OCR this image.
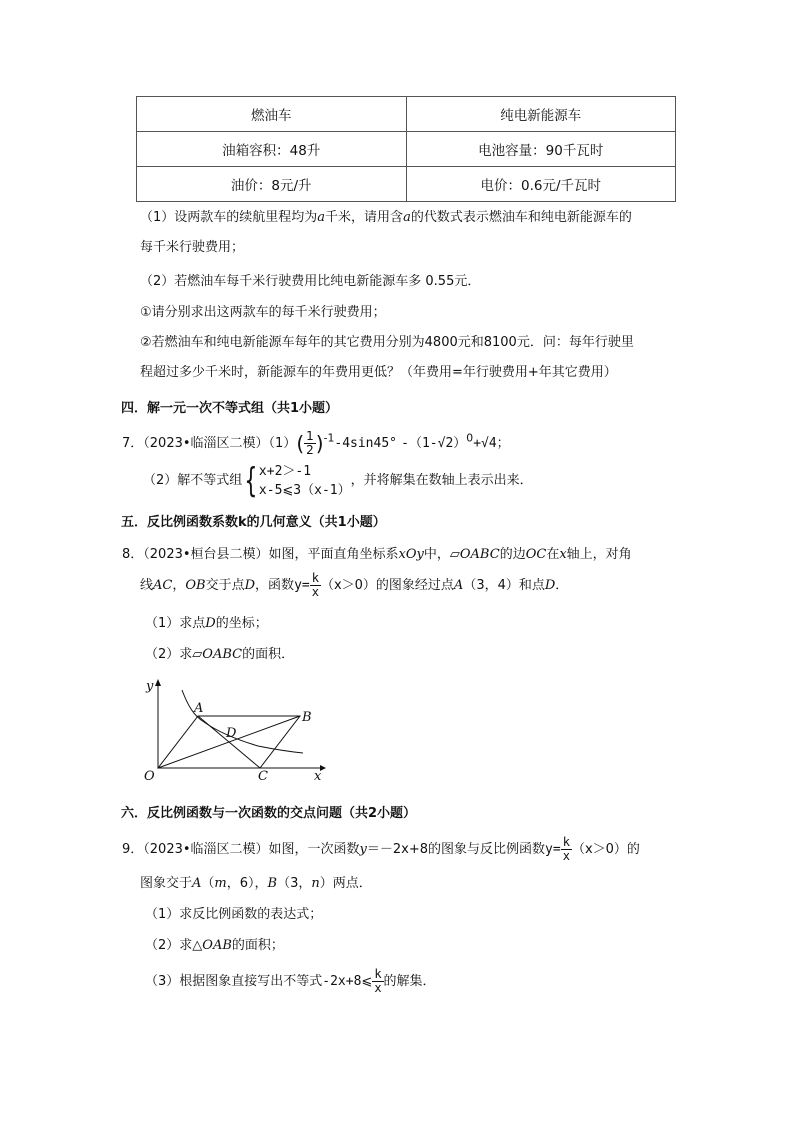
燃油车	纯电新能源车
油箱容积：48升	电池容量：90千瓦时
油价：8元/升	电价：0.6元/千瓦时
（1）设两款车的续航里程均为a千米，请用含a的代数式表示燃油车和纯电新能源车的
每千米行驶费用；
（2）若燃油车每千米行驶费用比纯电新能源车多 0.55元．
①请分别求出这两款车的每千米行驶费用；
②若燃油车和纯电新能源车每年的其它费用分别为4800元和8100元．问：每年行驶里
程超过多少千米时，新能源车的年费用更低？（年费用=年行驶费用+年其它费用）
四．解一元一次不等式组（共1小题）
7．（2023•临淄区二模）$(1)( \frac{1}{2} )^{-1}-4\sin 45^\circ$ $-(1-√2)^0+√4$；
（2）解不等式组{ x+2＞-1
x-5⩽3（x-1）
，并将解集在数轴上表示出来．
五．反比例函数系数k的几何意义（共1小题）
8．（2023•桓台县二模）如图，平面直角坐标系xOy中，▱OABC的边OC在x轴上，对角
线AC，OB交于点D，函数$y= \frac{k}{x} (x>0)$的图象经过点A（3，4）和点D．
（1）求点D的坐标；
（2）求▱OABC的面积．
y
x
O
A
B
C
D
六．反比例函数与一次函数的交点问题（共2小题）
9．（2023•临淄区二模）如图，一次函数y＝－2x+8的图象与反比例函数$y= \frac{k}{x} (x>0)$的
图象交于A（m，6），B（3，n）两点．
（1）求反比例函数的表达式；
（2）求△OAB的面积；
（3）根据图象直接写出不等式-2x+8⩽ $\frac{k}{x}$ 的解集．
